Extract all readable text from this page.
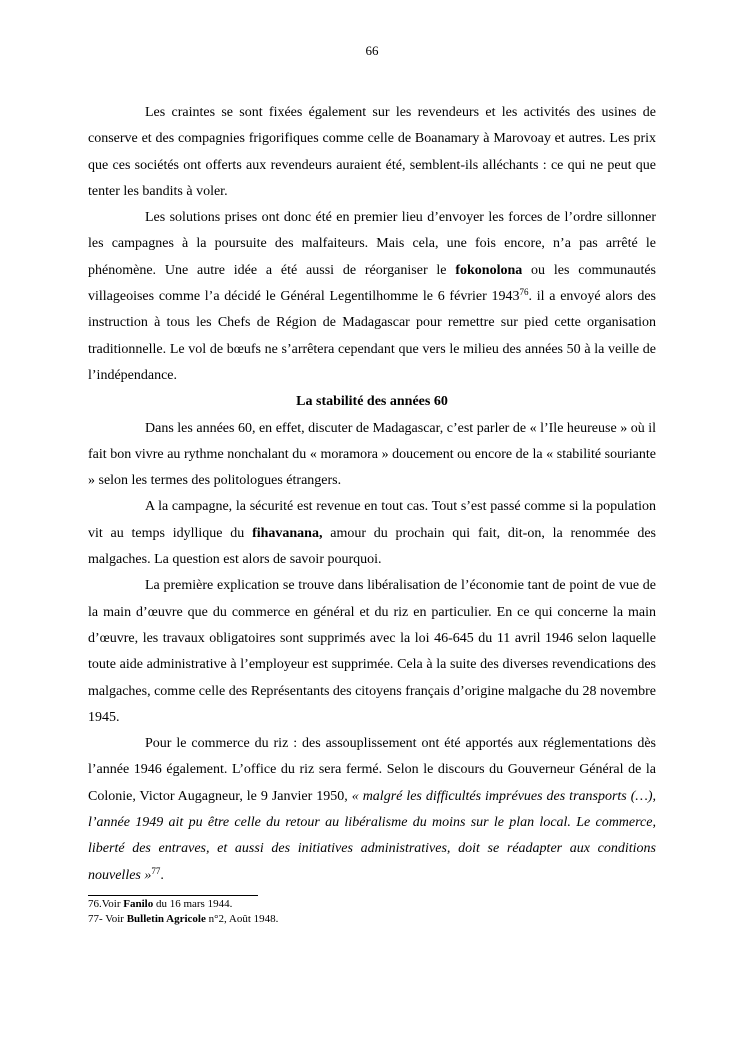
66

Les craintes se sont fixées également sur les revendeurs et les activités des usines de conserve et des compagnies frigorifiques comme celle de Boanamary à Marovoay et autres. Les prix que ces sociétés ont offerts aux revendeurs auraient été, semblent-ils alléchants : ce qui ne peut que tenter les bandits à voler.

Les solutions prises ont donc été en premier lieu d’envoyer les forces de l’ordre sillonner les campagnes à la poursuite des malfaiteurs. Mais cela, une fois encore, n’a pas arrêté le phénomène. Une autre idée a été aussi de réorganiser le fokonolona ou les communautés villageoises comme l’a décidé le Général Legentilhomme le 6 février 1943$^{76}$. il a envoyé alors des instruction à tous les Chefs de Région de Madagascar pour remettre sur pied cette organisation traditionnelle. Le vol de bœufs ne s’arrêtera cependant que vers le milieu des années 50 à la veille de l’indépendance.

La stabilité des années 60

Dans les années 60, en effet, discuter de Madagascar, c’est parler de « l’Ile heureuse » où il fait bon vivre au rythme nonchalant du « moramora » doucement ou encore de la « stabilité souriante » selon les termes des politologues étrangers.

A la campagne, la sécurité est revenue en tout cas. Tout s’est passé comme si la population vit au temps idyllique du fihavanana, amour du prochain qui fait, dit-on, la renommée des malgaches. La question est alors de savoir pourquoi.

La première explication se trouve dans libéralisation de l’économie tant de point de vue de la main d’œuvre que du commerce en général et du riz en particulier. En ce qui concerne la main d’œuvre, les travaux obligatoires sont supprimés avec la loi 46-645 du 11 avril 1946 selon laquelle toute aide administrative à l’employeur est supprimée. Cela à la suite des diverses revendications des malgaches, comme celle des Représentants des citoyens français d’origine malgache du 28 novembre 1945.

Pour le commerce du riz : des assouplissement ont été apportés aux réglementations dès l’année 1946 également. L’office du riz sera fermé. Selon le discours du Gouverneur Général de la Colonie, Victor Augagneur, le 9 Janvier 1950, « malgré les difficultés imprévues des transports (…), l’année 1949 ait pu être celle du retour au libéralisme du moins sur le plan local. Le commerce, liberté des entraves, et aussi des initiatives administratives, doit se réadapter aux conditions nouvelles »$^{77}$.

76.Voir Fanilo du 16 mars 1944.
77- Voir Bulletin Agricole n°2, Août 1948.
